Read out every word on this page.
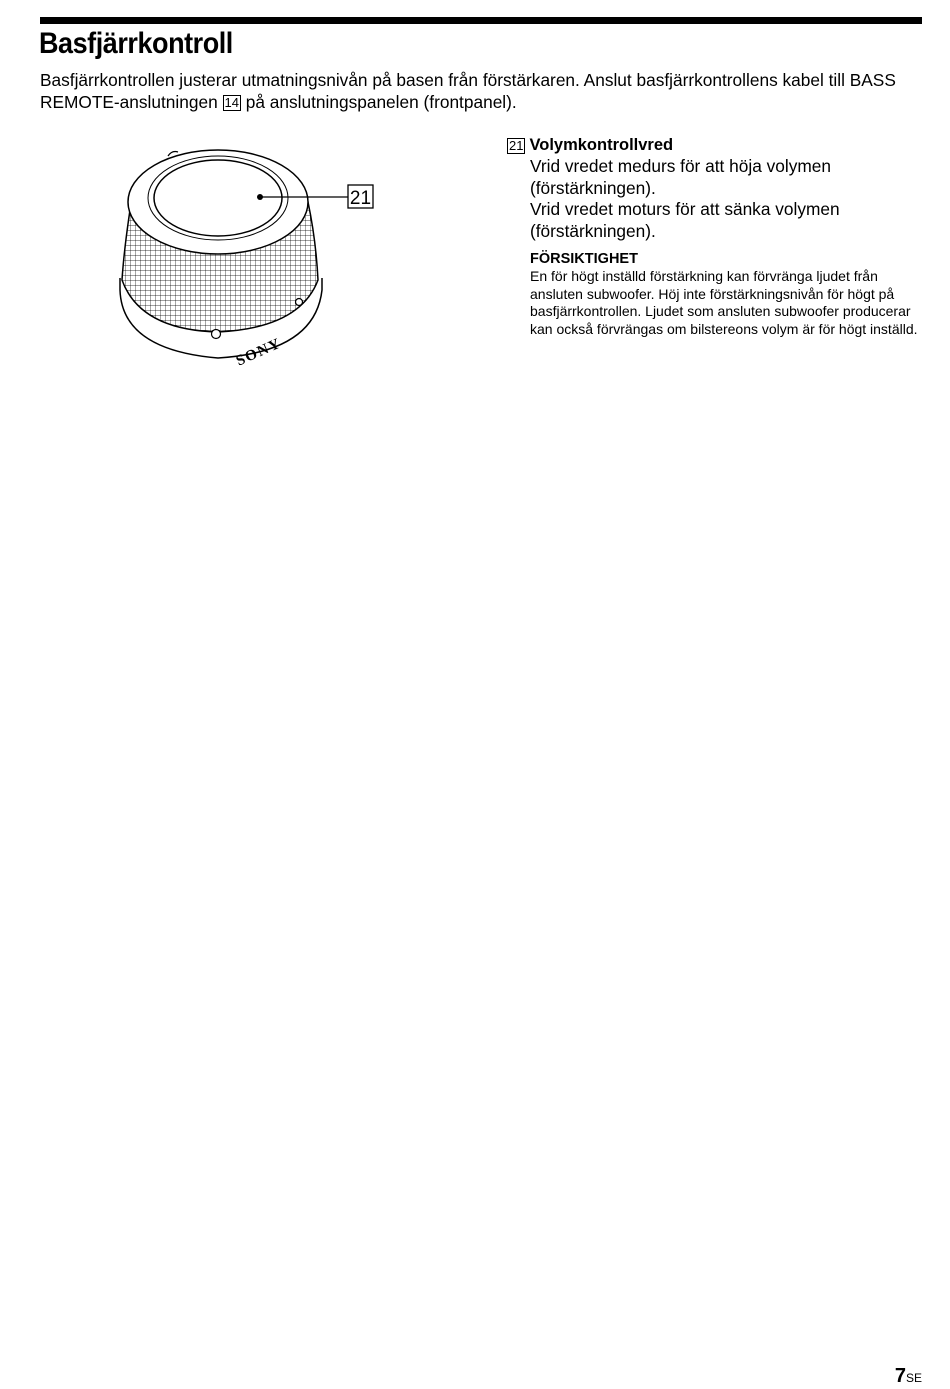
Basfjärrkontroll

Basfjärrkontrollen justerar utmatningsnivån på basen från förstärkaren. Anslut basfjärrkontrollens kabel till BASS REMOTE-anslutningen 14 på anslutningspanelen (frontpanel).

21
SONY
21 Volymkontrollvred

Vrid vredet medurs för att höja volymen (förstärkningen).

Vrid vredet moturs för att sänka volymen (förstärkningen).

FÖRSIKTIGHET
En för högt inställd förstärkning kan förvränga ljudet från ansluten subwoofer. Höj inte förstärkningsnivån för högt på basfjärrkontrollen. Ljudet som ansluten subwoofer producerar kan också förvrängas om bilstereons volym är för högt inställd.
7SE
